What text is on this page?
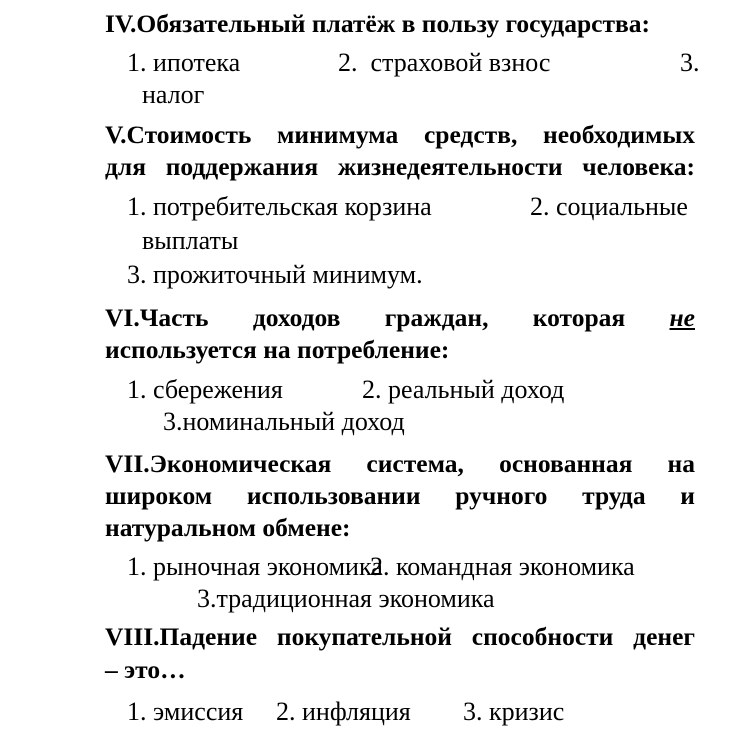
IV.Обязательный платёж в пользу государства:
1. ипотека	2.  страховой взнос	3.
налог
V.Стоимость минимума средств, необходимых
для поддержания жизнедеятельности человека:
1. потребительская корзина	2. социальные
выплаты
3. прожиточный минимум.
VI.Часть доходов граждан, которая не
используется на потребление:
1. сбережения	2. реальный доход
3.номинальный доход
VII.Экономическая система, основанная на
широком использовании ручного труда и
натуральном обмене:
1. рыночная экономика
2. командная экономика
3.традиционная экономика
VIII.Падение покупательной способности денег
– это…
1. эмиссия 2. инфляция 3. кризис
